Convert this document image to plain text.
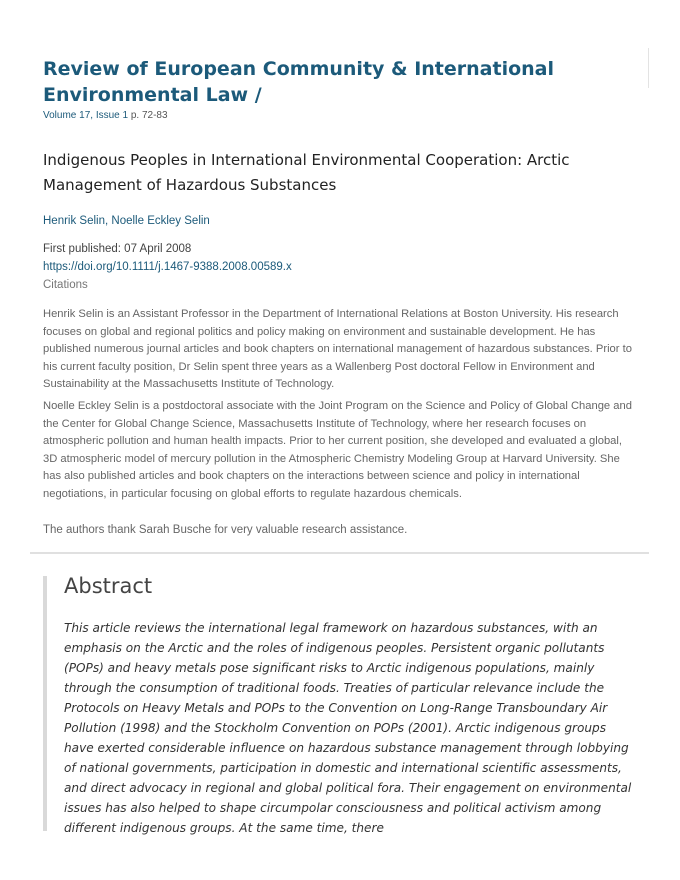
Review of European Community & International Environmental Law /
Volume 17, Issue 1 p. 72-83
Indigenous Peoples in International Environmental Cooperation: Arctic Management of Hazardous Substances
Henrik Selin, Noelle Eckley Selin
First published: 07 April 2008
https://doi.org/10.1111/j.1467-9388.2008.00589.x
Citations

Henrik Selin is an Assistant Professor in the Department of International Relations at Boston University. His research focuses on global and regional politics and policy making on environment and sustainable development. He has published numerous journal articles and book chapters on international management of hazardous substances. Prior to his current faculty position, Dr Selin spent three years as a Wallenberg Post doctoral Fellow in Environment and Sustainability at the Massachusetts Institute of Technology.

Noelle Eckley Selin is a postdoctoral associate with the Joint Program on the Science and Policy of Global Change and the Center for Global Change Science, Massachusetts Institute of Technology, where her research focuses on atmospheric pollution and human health impacts. Prior to her current position, she developed and evaluated a global, 3D atmospheric model of mercury pollution in the Atmospheric Chemistry Modeling Group at Harvard University. She has also published articles and book chapters on the interactions between science and policy in international negotiations, in particular focusing on global efforts to regulate hazardous chemicals.

The authors thank Sarah Busche for very valuable research assistance.

Abstract

This article reviews the international legal framework on hazardous substances, with an emphasis on the Arctic and the roles of indigenous peoples. Persistent organic pollutants (POPs) and heavy metals pose significant risks to Arctic indigenous populations, mainly through the consumption of traditional foods. Treaties of particular relevance include the Protocols on Heavy Metals and POPs to the Convention on Long-Range Transboundary Air Pollution (1998) and the Stockholm Convention on POPs (2001). Arctic indigenous groups have exerted considerable influence on hazardous substance management through lobbying of national governments, participation in domestic and international scientific assessments, and direct advocacy in regional and global political fora. Their engagement on environmental issues has also helped to shape circumpolar consciousness and political activism among different indigenous groups. At the same time, there
